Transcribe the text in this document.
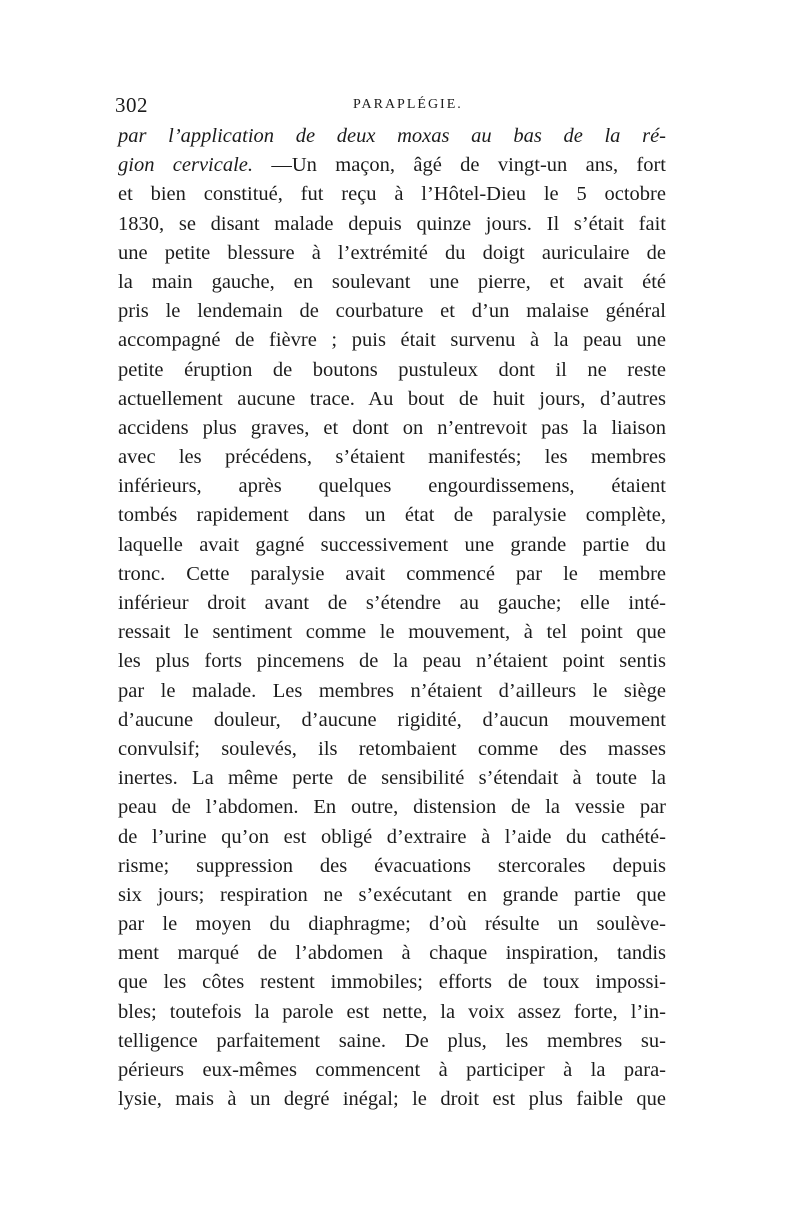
302	PARAPLÉGIE.
par l’application de deux moxas au bas de la ré-
gion cervicale. —Un maçon, âgé de vingt-un ans, fort
et bien constitué, fut reçu à l’Hôtel-Dieu le 5 octobre
1830, se disant malade depuis quinze jours. Il s’était fait
une petite blessure à l’extrémité du doigt auriculaire de
la main gauche, en soulevant une pierre, et avait été
pris le lendemain de courbature et d’un malaise général
accompagné de fièvre ; puis était survenu à la peau une
petite éruption de boutons pustuleux dont il ne reste
actuellement aucune trace. Au bout de huit jours, d’autres
accidens plus graves, et dont on n’entrevoit pas la liaison
avec les précédens, s’étaient manifestés; les membres
inférieurs, après quelques engourdissemens, étaient
tombés rapidement dans un état de paralysie complète,
laquelle avait gagné successivement une grande partie du
tronc. Cette paralysie avait commencé par le membre
inférieur droit avant de s’étendre au gauche; elle inté-
ressait le sentiment comme le mouvement, à tel point que
les plus forts pincemens de la peau n’étaient point sentis
par le malade. Les membres n’étaient d’ailleurs le siège
d’aucune douleur, d’aucune rigidité, d’aucun mouvement
convulsif; soulevés, ils retombaient comme des masses
inertes. La même perte de sensibilité s’étendait à toute la
peau de l’abdomen. En outre, distension de la vessie par
de l’urine qu’on est obligé d’extraire à l’aide du cathété-
risme; suppression des évacuations stercorales depuis
six jours; respiration ne s’exécutant en grande partie que
par le moyen du diaphragme; d’où résulte un soulève-
ment marqué de l’abdomen à chaque inspiration, tandis
que les côtes restent immobiles; efforts de toux impossi-
bles; toutefois la parole est nette, la voix assez forte, l’in-
telligence parfaitement saine. De plus, les membres su-
périeurs eux-mêmes commencent à participer à la para-
lysie, mais à un degré inégal; le droit est plus faible que
